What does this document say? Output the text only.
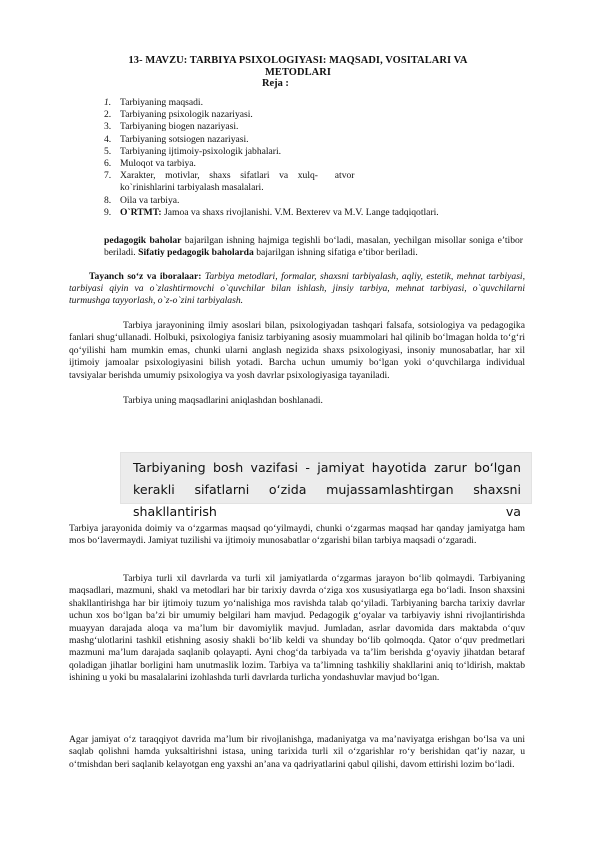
13- MAVZU: TARBIYA PSIXOLOGIYASI: MAQSADI, VOSITALARI VA
METODLARI
Reja :
1. Tarbiyaning maqsadi.
2. Tarbiyaning psixologik nazariyasi.
3. Tarbiyaning biogen nazariyasi.
4. Tarbiyaning sotsiogen nazariyasi.
5. Tarbiyaning ijtimoiy-psixologik jabhalari.
6. Muloqot va tarbiya.
7. Xarakter,    motivlar,    shaxs    sifatlari    va    xulq-       atvor
ko`rinishlarini tarbiyalash masalalari.
8. Oila va tarbiya.
9. O`RTMT: Jamoa va shaxs rivojlanishi. V.M. Bexterev va M.V. Lange tadqiqotlari.
pedagogik baholar bajarilgan ishning hajmiga tegishli bo‘ladi, masalan, yechilgan misollar soniga e’tibor beriladi. Sifatiy pedagogik baholarda bajarilgan ishning sifatiga e’tibor beriladi.
Tayanch so‘z va iboralaar: Tarbiya metodlari, formalar, shaxsni tarbiyalash, aqliy, estetik, mehnat tarbiyasi, tarbiyasi qiyin va o`zlashtirmovchi o`quvchilar bilan ishlash, jinsiy tarbiya, mehnat tarbiyasi, o`quvchilarni turmushga tayyorlash, o`z-o`zini tarbiyalash.
Tarbiya jarayonining ilmiy asoslari bilan, psixologiyadan tashqari falsafa, sotsiologiya va pedagogika fanlari shug‘ullanadi. Holbuki, psixologiya fanisiz tarbiyaning asosiy muammolari hal qilinib bo‘lmagan holda to‘g‘ri qo‘yilishi ham mumkin emas, chunki ularni anglash negizida shaxs psixologiyasi, insoniy munosabatlar, har xil ijtimoiy jamoalar psixologiyasini bilish yotadi. Barcha uchun umumiy bo‘lgan yoki o‘quvchilarga individual tavsiyalar berishda umumiy psixologiya va yosh davrlar psixologiyasiga tayaniladi.
Tarbiya uning maqsadlarini aniqlashdan boshlanadi.
Tarbiyaning bosh vazifasi - jamiyat hayotida zarur bo‘lgan kerakli sifatlarni o‘zida mujassamlashtirgan shaxsni shakllantirish va
Tarbiya jarayonida doimiy va o‘zgarmas maqsad qo‘yilmaydi, chunki o‘zgarmas maqsad har qanday jamiyatga ham mos bo‘lavermaydi. Jamiyat tuzilishi va ijtimoiy munosabatlar o‘zgarishi bilan tarbiya maqsadi o‘zgaradi.
Tarbiya turli xil davrlarda va turli xil jamiyatlarda o‘zgarmas jarayon bo‘lib qolmaydi. Tarbiyaning maqsadlari, mazmuni, shakl va metodlari har bir tarixiy davrda o‘ziga xos xususiyatlarga ega bo‘ladi. Inson shaxsini shakllantirishga har bir ijtimoiy tuzum yo‘nalishiga mos ravishda talab qo‘yiladi. Tarbiyaning barcha tarixiy davrlar uchun xos bo‘lgan ba’zi bir umumiy belgilari ham mavjud. Pedagogik g‘oyalar va tarbiyaviy ishni rivojlantirishda muayyan darajada aloqa va ma’lum bir davomiylik mavjud. Jumladan, asrlar davomida dars maktabda o‘quv mashg‘ulotlarini tashkil etishning asosiy shakli bo‘lib keldi va shunday bo‘lib qolmoqda. Qator o‘quv predmetlari mazmuni ma’lum darajada saqlanib qolayapti. Ayni chog‘da tarbiyada va ta’lim berishda g‘oyaviy jihatdan betaraf qoladigan jihatlar borligini ham unutmaslik lozim. Tarbiya va ta’limning tashkiliy shakllarini aniq to‘ldirish, maktab ishining u yoki bu masalalarini izohlashda turli davrlarda turlicha yondashuvlar mavjud bo‘lgan.
Agar jamiyat o‘z taraqqiyot davrida ma’lum bir rivojlanishga, madaniyatga va ma’naviyatga erishgan bo‘lsa va uni saqlab qolishni hamda yuksaltirishni istasa, uning tarixida turli xil o‘zgarishlar ro‘y berishidan qat’iy nazar, u o‘tmishdan beri saqlanib kelayotgan eng yaxshi an’ana va qadriyatlarini qabul qilishi, davom ettirishi lozim bo‘ladi.
